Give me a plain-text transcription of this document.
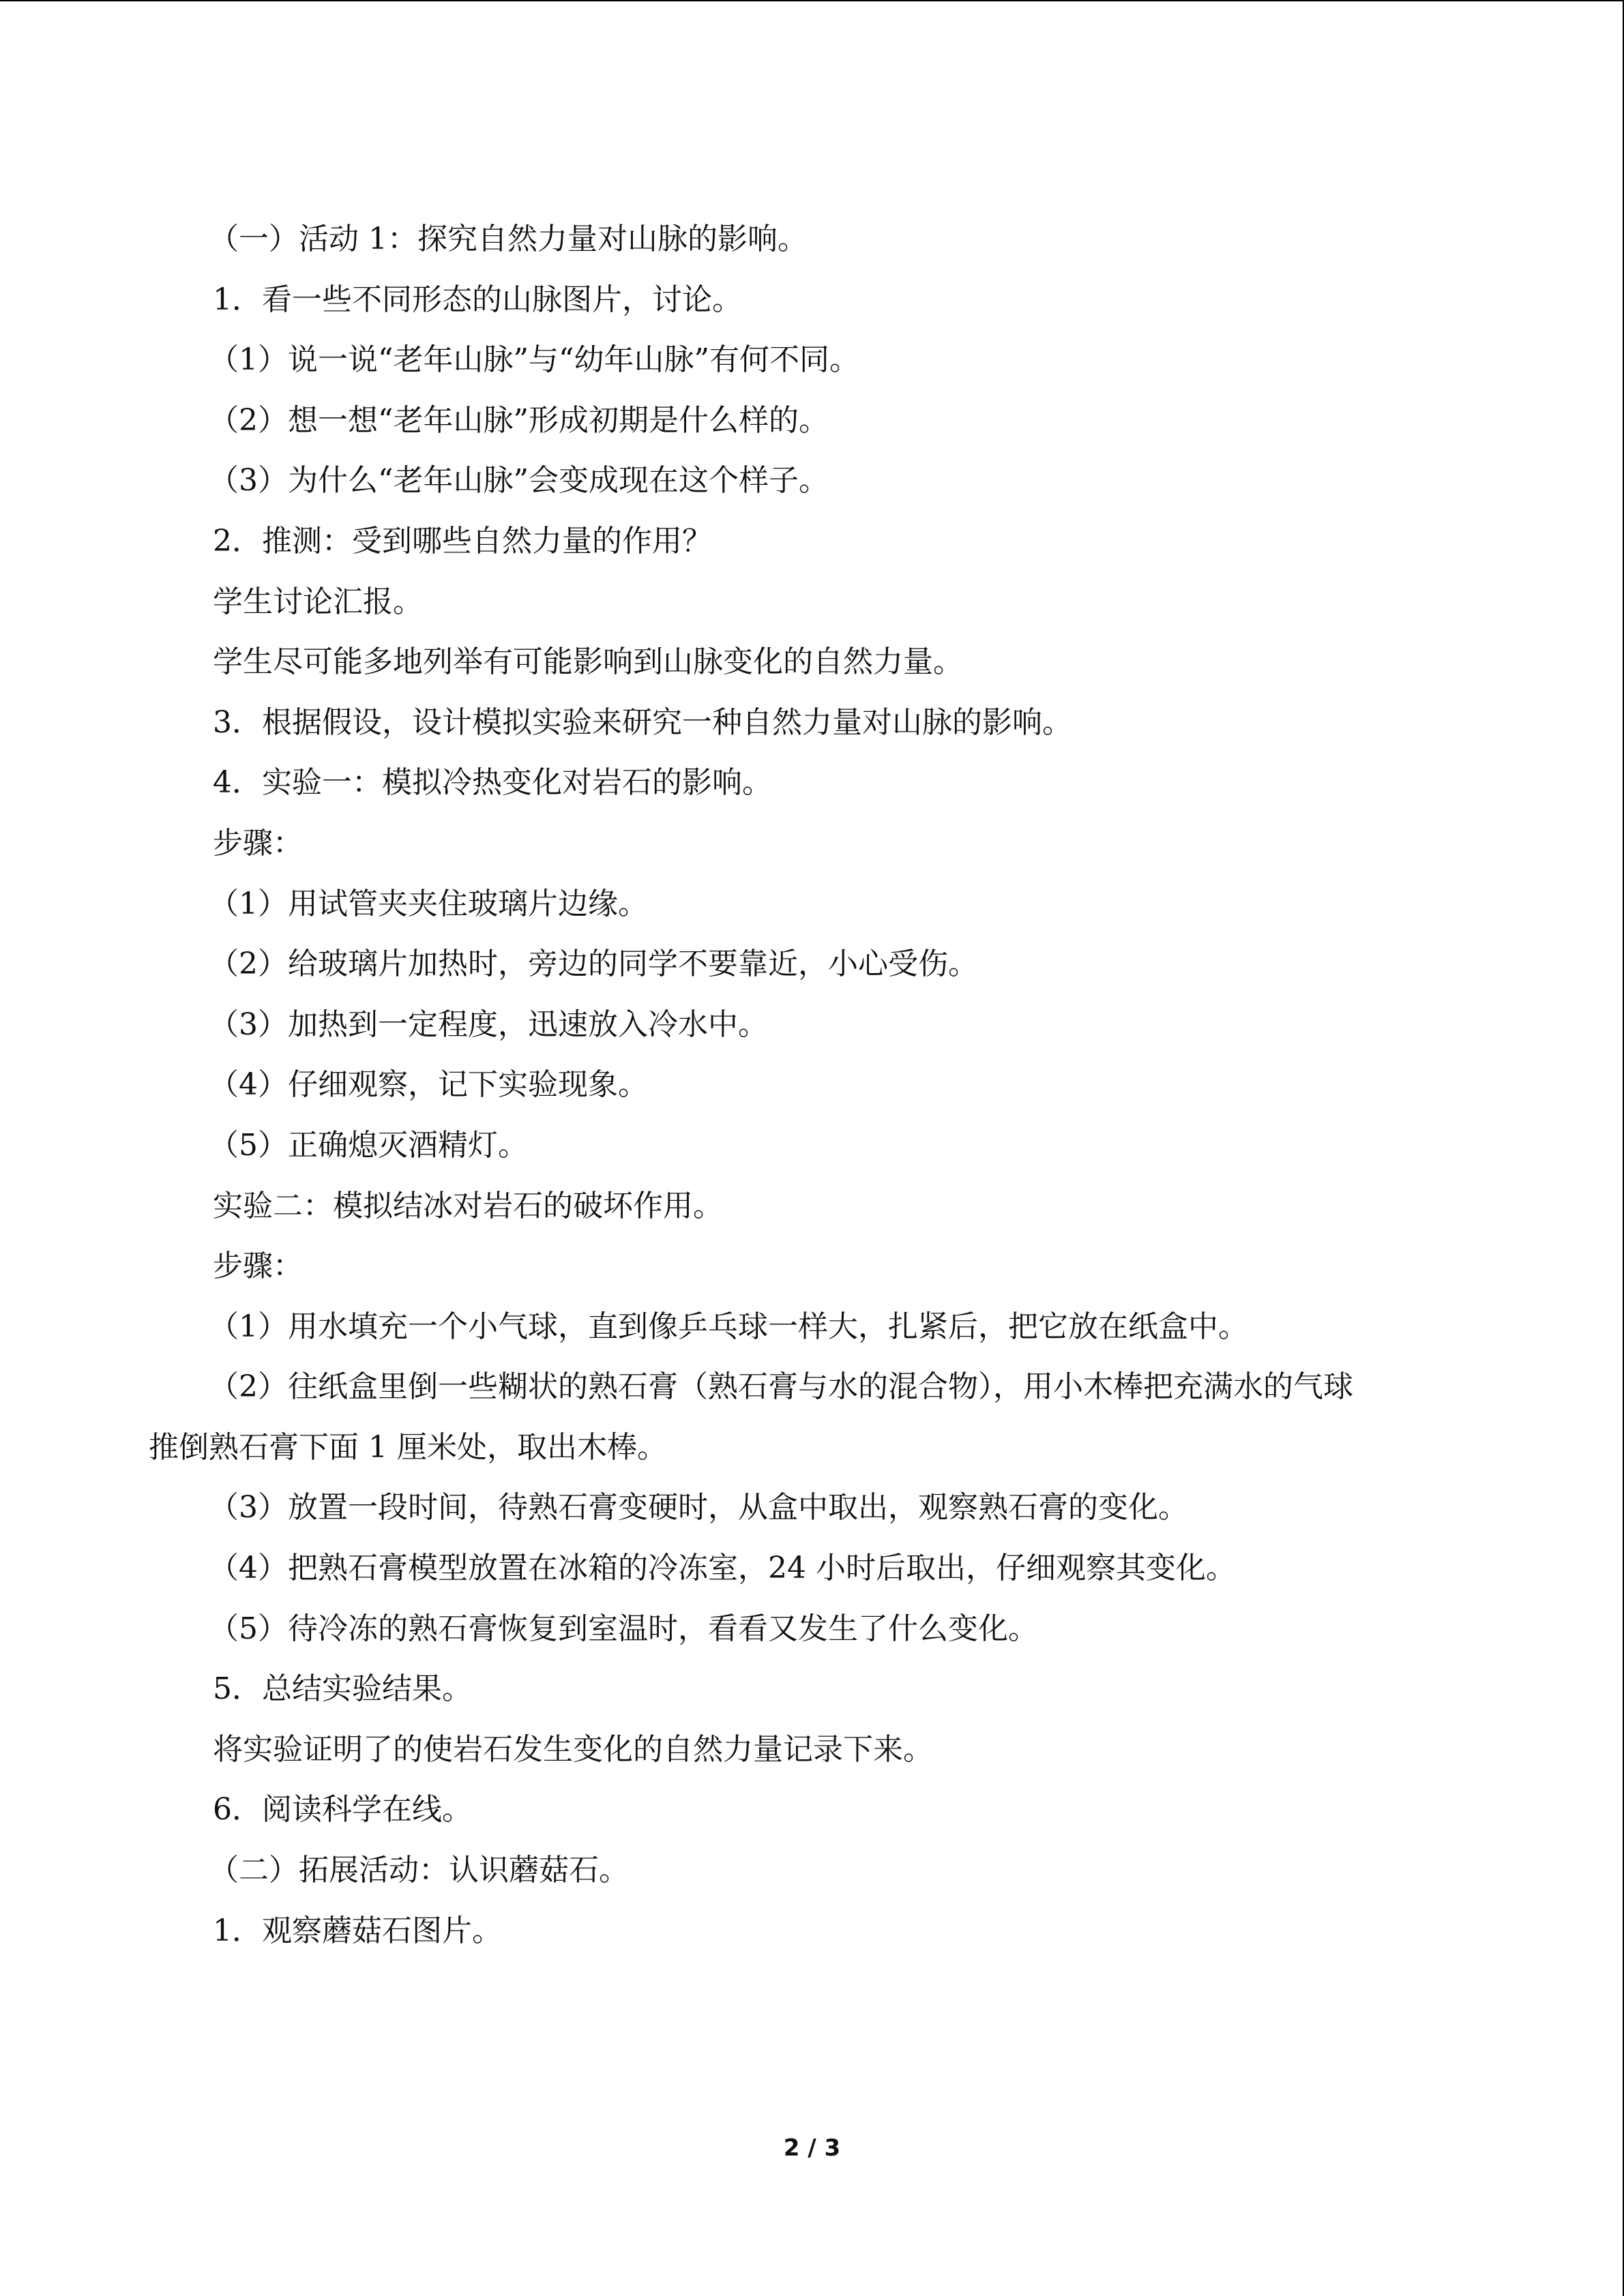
（一）活动 1：探究自然力量对山脉的影响。
1．看一些不同形态的山脉图片，讨论。
（1）说一说“老年山脉”与“幼年山脉”有何不同。
（2）想一想“老年山脉”形成初期是什么样的。
（3）为什么“老年山脉”会变成现在这个样子。
2．推测：受到哪些自然力量的作用？
学生讨论汇报。
学生尽可能多地列举有可能影响到山脉变化的自然力量。
3．根据假设，设计模拟实验来研究一种自然力量对山脉的影响。
4．实验一：模拟冷热变化对岩石的影响。
步骤：
（1）用试管夹夹住玻璃片边缘。
（2）给玻璃片加热时，旁边的同学不要靠近，小心受伤。
（3）加热到一定程度，迅速放入冷水中。
（4）仔细观察，记下实验现象。
（5）正确熄灭酒精灯。
实验二：模拟结冰对岩石的破坏作用。
步骤：
（1）用水填充一个小气球，直到像乒乓球一样大，扎紧后，把它放在纸盒中。
（2）往纸盒里倒一些糊状的熟石膏（熟石膏与水的混合物），用小木棒把充满水的气球
推倒熟石膏下面 1 厘米处，取出木棒。
（3）放置一段时间，待熟石膏变硬时，从盒中取出，观察熟石膏的变化。
（4）把熟石膏模型放置在冰箱的冷冻室，24 小时后取出，仔细观察其变化。
（5）待冷冻的熟石膏恢复到室温时，看看又发生了什么变化。
5．总结实验结果。
将实验证明了的使岩石发生变化的自然力量记录下来。
6．阅读科学在线。
（二）拓展活动：认识蘑菇石。
1．观察蘑菇石图片。
2 / 3
